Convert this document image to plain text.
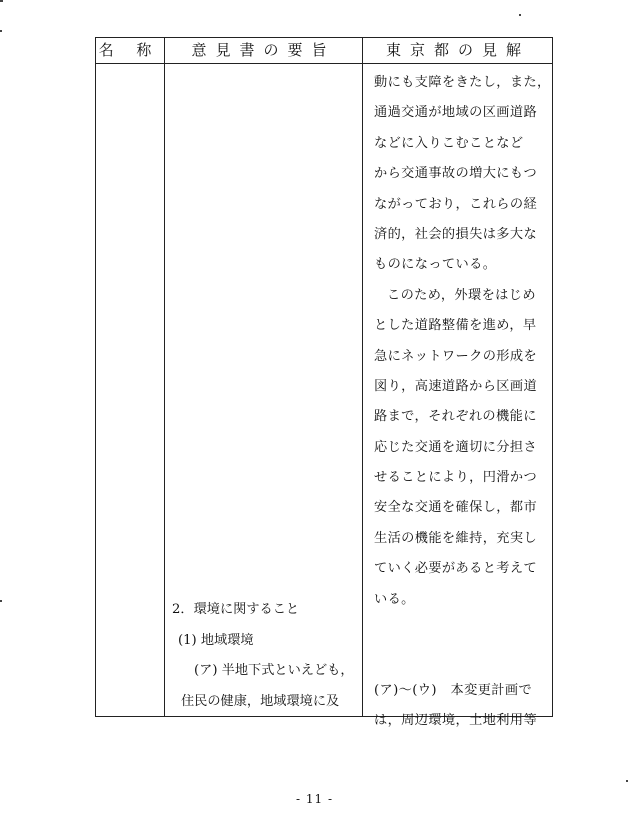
名 称	意見書の要旨	東京都の見解
動にも支障をきたし，また，
通過交通が地域の区画道路
などに入りこむことなど
から交通事故の増大にもつ
ながっており，これらの経
済的，社会的損失は多大な
ものになっている。
このため，外環をはじめ
とした道路整備を進め，早
急にネットワークの形成を
図り，高速道路から区画道
路まで，それぞれの機能に
応じた交通を適切に分担さ
せることにより，円滑かつ
安全な交通を確保し，都市
生活の機能を維持，充実し
ていく必要があると考えて
いる。
(ア)～(ウ)　本変更計画で
は，周辺環境，土地利用等
2．環境に関すること
(1) 地域環境
(ア) 半地下式といえども，
住民の健康，地域環境に及
- 11 -
